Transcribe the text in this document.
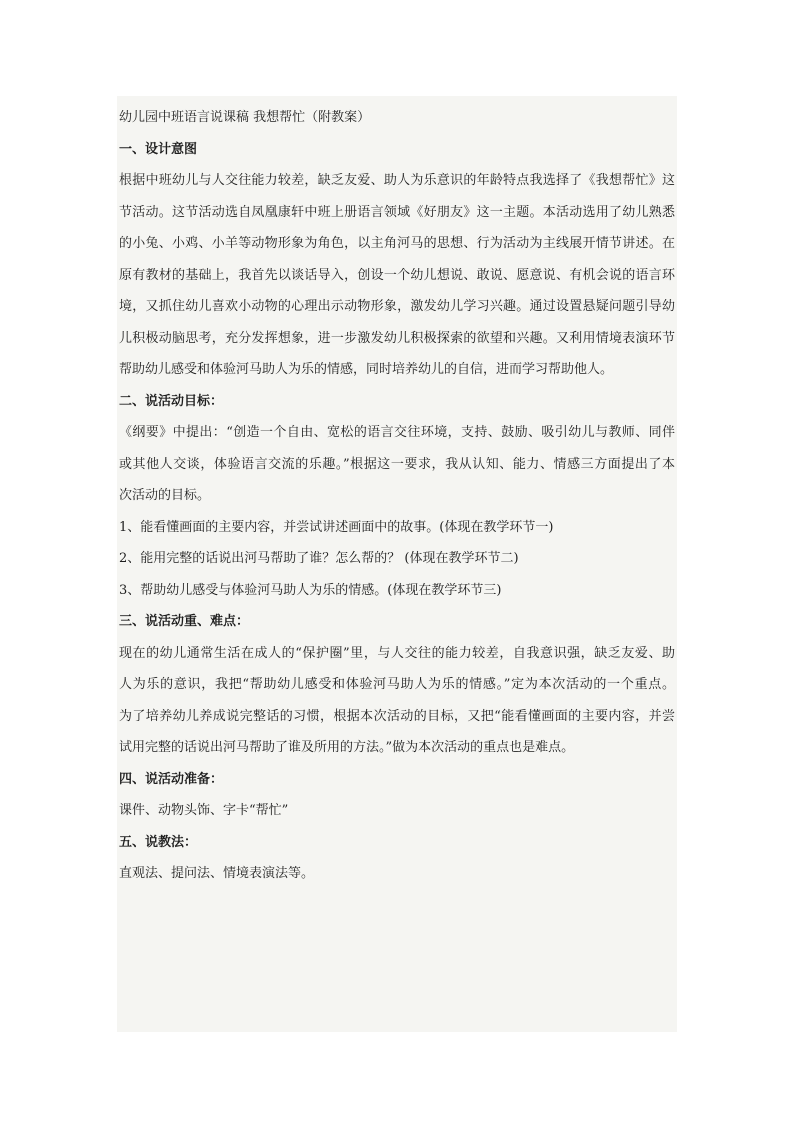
幼儿园中班语言说课稿 我想帮忙（附教案）

一、设计意图

根据中班幼儿与人交往能力较差，缺乏友爱、助人为乐意识的年龄特点我选择了《我想帮忙》这

节活动。这节活动选自凤凰康轩中班上册语言领域《好朋友》这一主题。本活动选用了幼儿熟悉

的小兔、小鸡、小羊等动物形象为角色，以主角河马的思想、行为活动为主线展开情节讲述。在

原有教材的基础上，我首先以谈话导入，创设一个幼儿想说、敢说、愿意说、有机会说的语言环

境，又抓住幼儿喜欢小动物的心理出示动物形象，激发幼儿学习兴趣。通过设置悬疑问题引导幼

儿积极动脑思考，充分发挥想象，进一步激发幼儿积极探索的欲望和兴趣。又利用情境表演环节

帮助幼儿感受和体验河马助人为乐的情感，同时培养幼儿的自信，进而学习帮助他人。

二、说活动目标：

《纲要》中提出：“创造一个自由、宽松的语言交往环境，支持、鼓励、吸引幼儿与教师、同伴

或其他人交谈，体验语言交流的乐趣。”根据这一要求，我从认知、能力、情感三方面提出了本

次活动的目标。

1、能看懂画面的主要内容，并尝试讲述画面中的故事。(体现在教学环节一)

2、能用完整的话说出河马帮助了谁？怎么帮的？ (体现在教学环节二)

3、帮助幼儿感受与体验河马助人为乐的情感。(体现在教学环节三)

三、说活动重、难点：

现在的幼儿通常生活在成人的“保护圈”里，与人交往的能力较差，自我意识强，缺乏友爱、助

人为乐的意识，我把“帮助幼儿感受和体验河马助人为乐的情感。”定为本次活动的一个重点。

为了培养幼儿养成说完整话的习惯，根据本次活动的目标，又把“能看懂画面的主要内容，并尝

试用完整的话说出河马帮助了谁及所用的方法。”做为本次活动的重点也是难点。

四、说活动准备：

课件、动物头饰、字卡“帮忙”

五、说教法：

直观法、提问法、情境表演法等。
